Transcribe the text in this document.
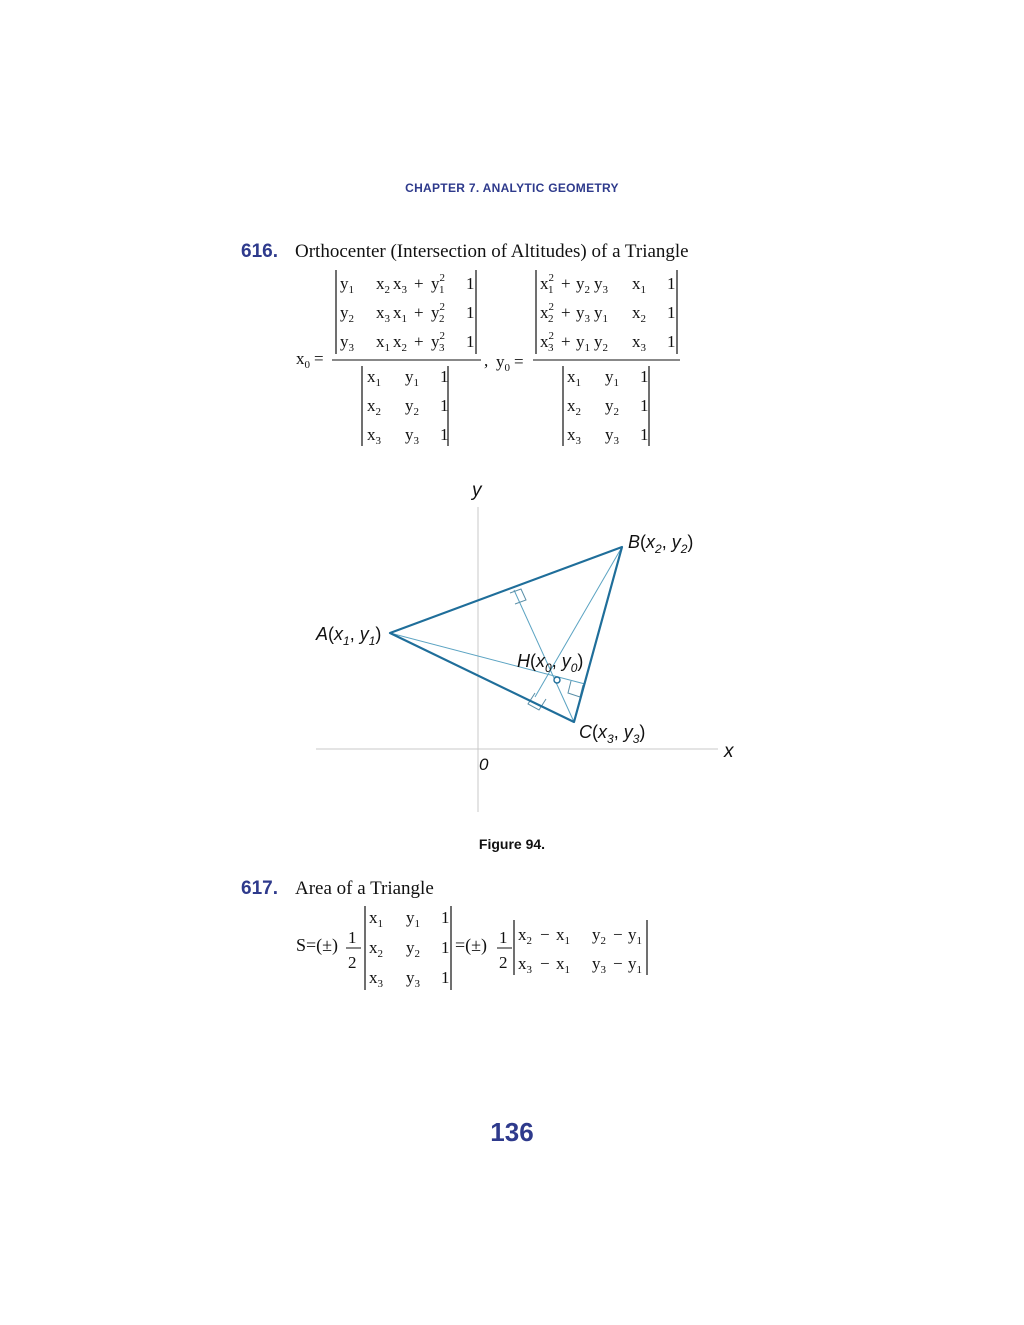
CHAPTER 7. ANALYTIC GEOMETRY
616. Orthocenter (Intersection of Altitudes) of a Triangle
$x_0$ =
$y_1$ $x_2$ $x_3 + y^2$ 1 1
$y_2$ $x_3$ $x_1 + y^2$ 2 1
$y_3$ $x_1$ $x_2 + y^2$ 3 1
$x_1$ $y_1$ 1
$x_2$ $y_2$ 1
$x_3$ $y_3$ 1
, $y_0$ =
$x^2$ $1 + y_2$ $y_3$ $x_1$ 1
$x^2$ $2 + y_3$ $y_1$ $x_2$ 1
$x^2$ $3 + y_1$ $y_2$ $x_3$ 1
$x_1$ $y_1$ 1
$x_2$ $y_2$ 1
$x_3$ $y_3$ 1
y
x
0
$A(x_1$, $y_1$)
$B(x_2$, $y_2$)
$H(x_0$, $y_0$)
$C(x_3$, $y_3$)
Figure 94.
617. Area of a Triangle
S=(±) 1
2
$x_1$ $y_1$ 1
$x_2$ $y_2$ 1
$x_3$ $y_3$ 1
=(±) 1
2
$x_2 - x_1$ $y_2 - y_1$
$x_3 - x_1$ $y_3 - y_1$
136
